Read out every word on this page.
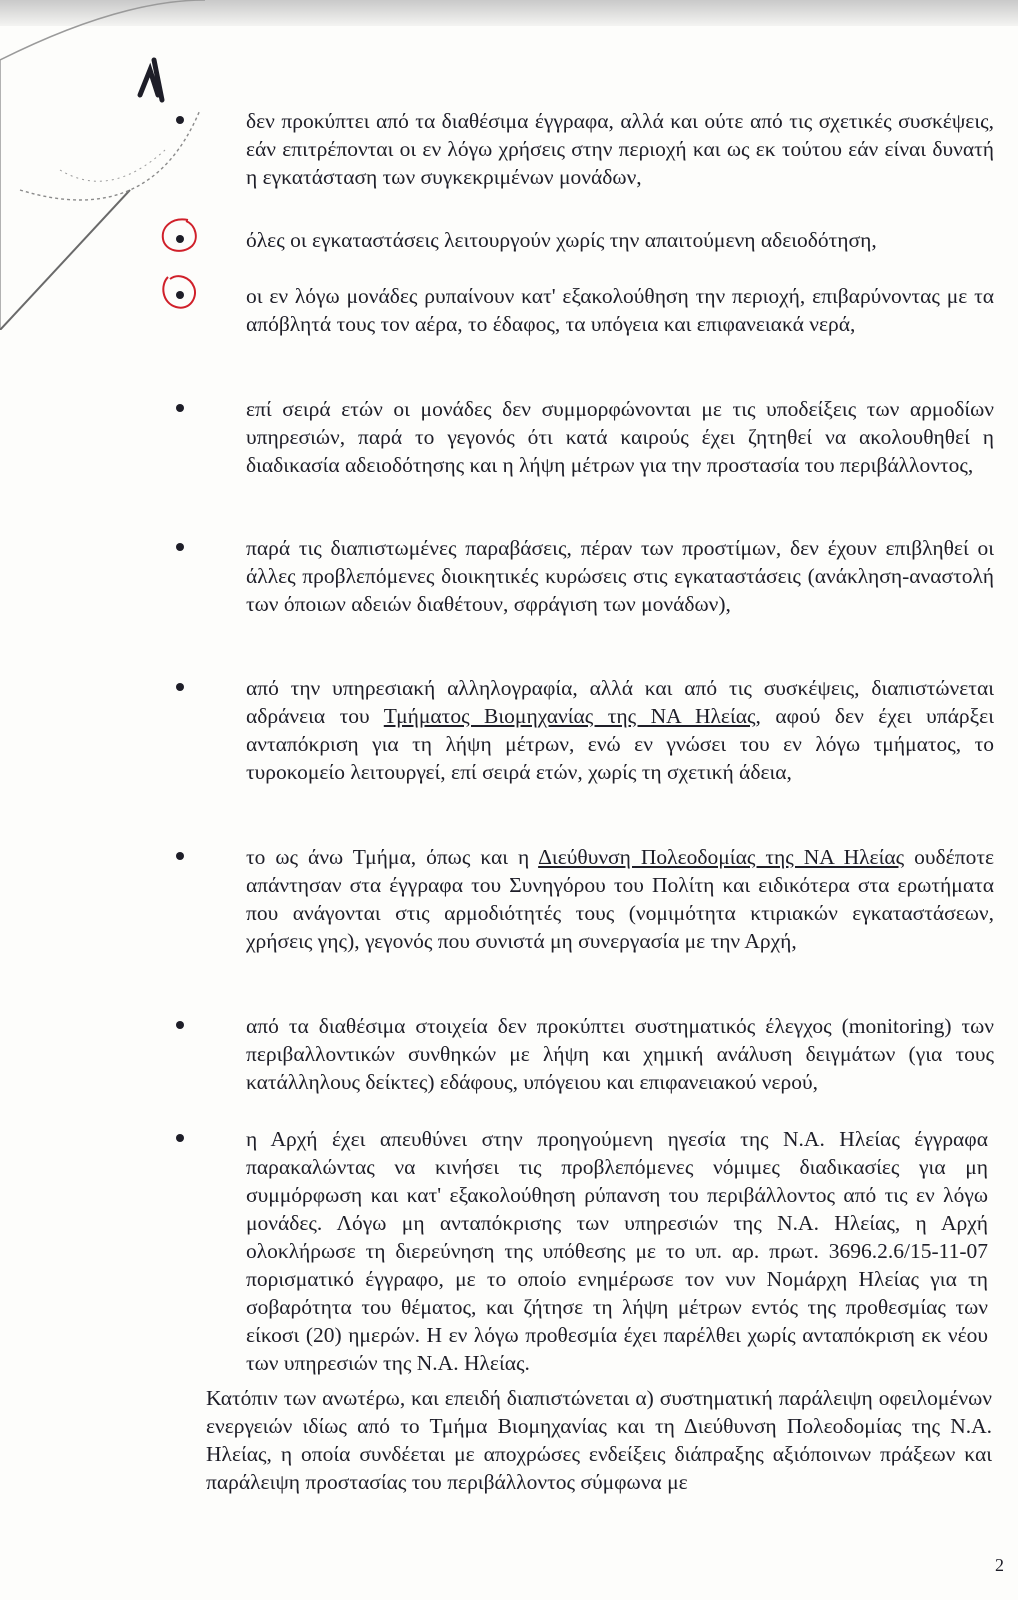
δεν προκύπτει από τα διαθέσιμα έγγραφα, αλλά και ούτε από τις σχετικές συσκέψεις, εάν επιτρέπονται οι εν λόγω χρήσεις στην περιοχή και ως εκ τούτου εάν είναι δυνατή η εγκατάσταση των συγκεκριμένων μονάδων,
όλες οι εγκαταστάσεις λειτουργούν χωρίς την απαιτούμενη αδειοδότηση,
οι εν λόγω μονάδες ρυπαίνουν κατ' εξακολούθηση την περιοχή, επιβαρύνοντας με τα απόβλητά τους τον αέρα, το έδαφος, τα υπόγεια και επιφανειακά νερά,
επί σειρά ετών οι μονάδες δεν συμμορφώνονται με τις υποδείξεις των αρμοδίων υπηρεσιών, παρά το γεγονός ότι κατά καιρούς έχει ζητηθεί να ακολουθηθεί η διαδικασία αδειοδότησης και η λήψη μέτρων για την προστασία του περιβάλλοντος,
παρά τις διαπιστωμένες παραβάσεις, πέραν των προστίμων, δεν έχουν επιβληθεί οι άλλες προβλεπόμενες διοικητικές κυρώσεις στις εγκαταστάσεις (ανάκληση-αναστολή των όποιων αδειών διαθέτουν, σφράγιση των μονάδων),
από την υπηρεσιακή αλληλογραφία, αλλά και από τις συσκέψεις, διαπιστώνεται αδράνεια του Τμήματος Βιομηχανίας της ΝΑ Ηλείας, αφού δεν έχει υπάρξει ανταπόκριση για τη λήψη μέτρων, ενώ εν γνώσει του εν λόγω τμήματος, το τυροκομείο λειτουργεί, επί σειρά ετών, χωρίς τη σχετική άδεια,
το ως άνω Τμήμα, όπως και η Διεύθυνση Πολεοδομίας της ΝΑ Ηλείας ουδέποτε απάντησαν στα έγγραφα του Συνηγόρου του Πολίτη και ειδικότερα στα ερωτήματα που ανάγονται στις αρμοδιότητές τους (νομιμότητα κτιριακών εγκαταστάσεων, χρήσεις γης), γεγονός που συνιστά μη συνεργασία με την Αρχή,
από τα διαθέσιμα στοιχεία δεν προκύπτει συστηματικός έλεγχος (monitoring) των περιβαλλοντικών συνθηκών με λήψη και χημική ανάλυση δειγμάτων (για τους κατάλληλους δείκτες) εδάφους, υπόγειου και επιφανειακού νερού,
η Αρχή έχει απευθύνει στην προηγούμενη ηγεσία της Ν.Α. Ηλείας έγγραφα παρακαλώντας να κινήσει τις προβλεπόμενες νόμιμες διαδικασίες για μη συμμόρφωση και κατ' εξακολούθηση ρύπανση του περιβάλλοντος από τις εν λόγω μονάδες. Λόγω μη ανταπόκρισης των υπηρεσιών της Ν.Α. Ηλείας, η Αρχή ολοκλήρωσε τη διερεύνηση της υπόθεσης με το υπ. αρ. πρωτ. 3696.2.6/15-11-07 πορισματικό έγγραφο, με το οποίο ενημέρωσε τον νυν Νομάρχη Ηλείας για τη σοβαρότητα του θέματος, και ζήτησε τη λήψη μέτρων εντός της προθεσμίας των είκοσι (20) ημερών. Η εν λόγω προθεσμία έχει παρέλθει χωρίς ανταπόκριση εκ νέου των υπηρεσιών της Ν.Α. Ηλείας.

Κατόπιν των ανωτέρω, και επειδή διαπιστώνεται α) συστηματική παράλειψη οφειλομένων ενεργειών ιδίως από το Τμήμα Βιομηχανίας και τη Διεύθυνση Πολεοδομίας της Ν.Α. Ηλείας, η οποία συνδέεται με αποχρώσες ενδείξεις διάπραξης αξιόποινων πράξεων και παράλειψη προστασίας του περιβάλλοντος σύμφωνα με

2
